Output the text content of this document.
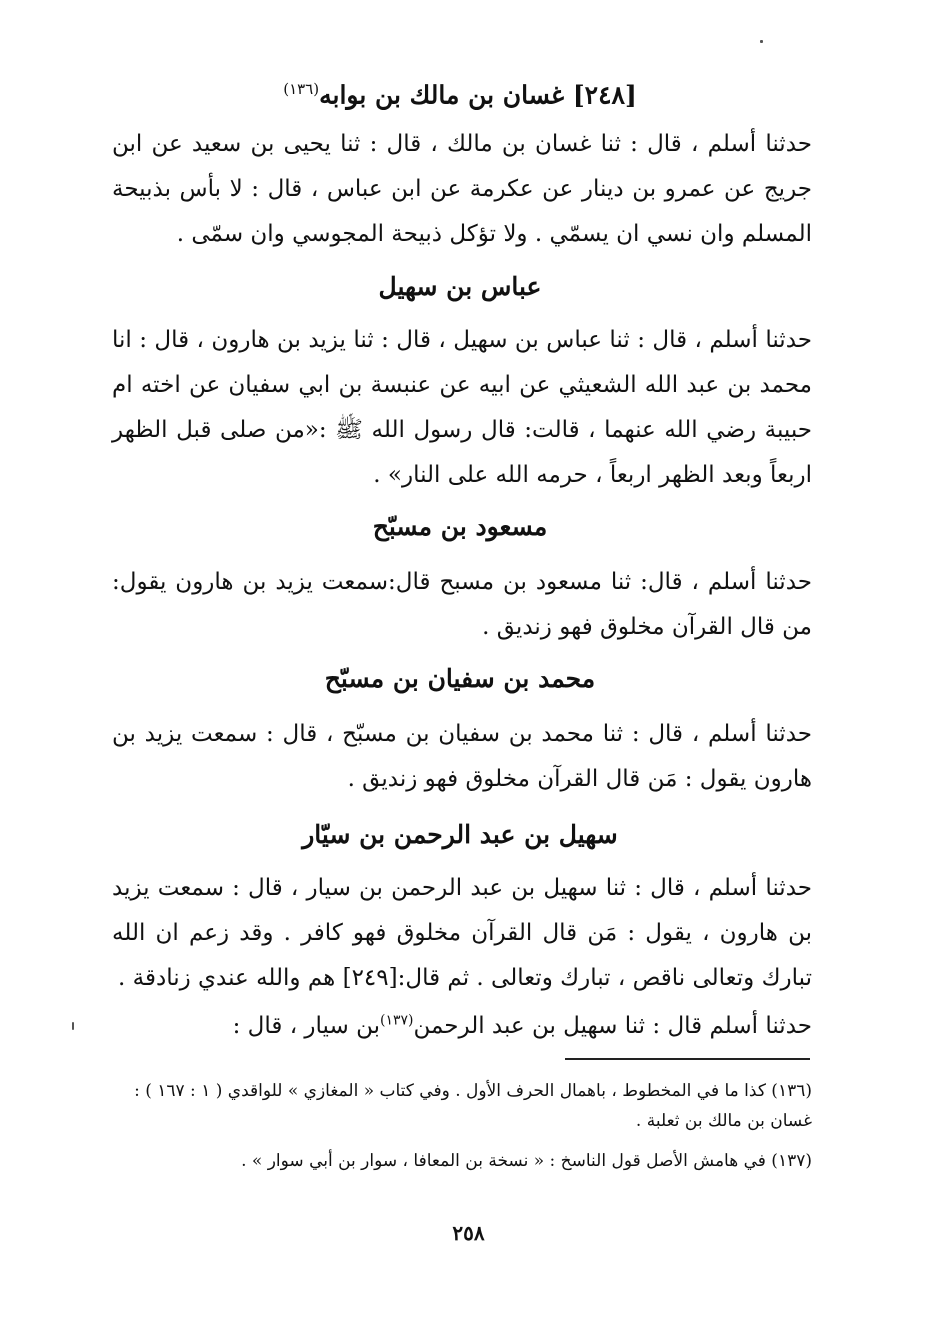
[٢٤٨] غسان بن مالك بن بوابه$^{(١٣٦)}$
حدثنا أسلم ، قال : ثنا غسان بن مالك ، قال : ثنا يحيى بن سعيد عن ابن جريج عن عمرو بن دينار عن عكرمة عن ابن عباس ، قال : لا بأس بذبيحة المسلم وان نسي ان يسمّي . ولا تؤكل ذبيحة المجوسي وان سمّى .
عباس بن سهيل
حدثنا أسلم ، قال : ثنا عباس بن سهيل ، قال : ثنا يزيد بن هارون ، قال : انا محمد بن عبد الله الشعيثي عن ابيه عن عنبسة بن ابي سفيان عن اخته ام حبيبة رضي الله عنهما ، قالت: قال رسول الله ﷺ :«من صلى قبل الظهر اربعاً وبعد الظهر اربعاً ، حرمه الله على النار» .
مسعود بن مسبّح
حدثنا أسلم ، قال: ثنا مسعود بن مسبح قال:سمعت يزيد بن هارون يقول: من قال القرآن مخلوق فهو زنديق .
محمد بن سفيان بن مسبّح
حدثنا أسلم ، قال : ثنا محمد بن سفيان بن مسبّح ، قال : سمعت يزيد بن هارون يقول : مَن قال القرآن مخلوق فهو زنديق .
سهيل بن عبد الرحمن بن سيّار
حدثنا أسلم ، قال : ثنا سهيل بن عبد الرحمن بن سيار ، قال : سمعت يزيد بن هارون ، يقول : مَن قال القرآن مخلوق فهو كافر . وقد زعم ان الله تبارك وتعالى ناقص ، تبارك وتعالى . ثم قال:[٢٤٩] هم والله عندي زنادقة .
حدثنا أسلم قال : ثنا سهيل بن عبد الرحمن$^{(١٣٧)}$بن سيار ، قال :
(١٣٦) كذا ما في المخطوط ، باهمال الحرف الأول . وفي كتاب « المغازي » للواقدي ( ١ : ١٦٧ ) :
غسان بن مالك بن ثعلبة .
(١٣٧) في هامش الأصل قول الناسخ : « نسخة بن المعافا ، سوار بن أبي سوار » .
٢٥٨
